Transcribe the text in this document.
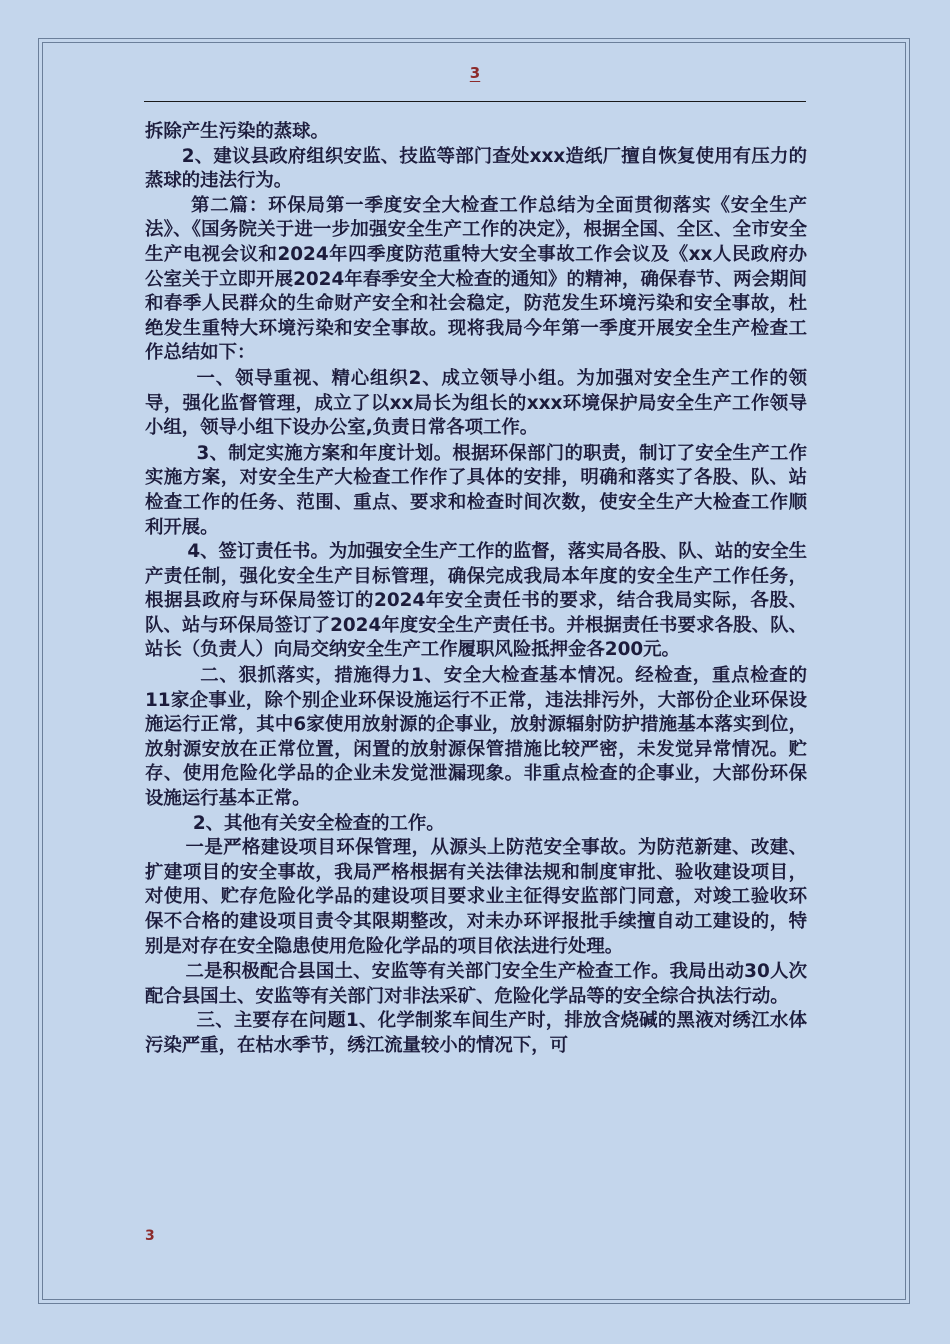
3

拆除产生污染的蒸球。

2、建议县政府组织安监、技监等部门查处xxx造纸厂擅自恢复使用有压力的蒸球的违法行为。

第二篇：环保局第一季度安全大检查工作总结为全面贯彻落实《安全生产法》、《国务院关于进一步加强安全生产工作的决定》，根据全国、全区、全市安全生产电视会议和2024年四季度防范重特大安全事故工作会议及《xx人民政府办公室关于立即开展2024年春季安全大检查的通知》的精神，确保春节、两会期间和春季人民群众的生命财产安全和社会稳定，防范发生环境污染和安全事故，杜绝发生重特大环境污染和安全事故。现将我局今年第一季度开展安全生产检查工作总结如下：

一、领导重视、精心组织2、成立领导小组。为加强对安全生产工作的领导，强化监督管理，成立了以xx局长为组长的xxx环境保护局安全生产工作领导小组，领导小组下设办公室,负责日常各项工作。

3、制定实施方案和年度计划。根据环保部门的职责，制订了安全生产工作实施方案，对安全生产大检查工作作了具体的安排，明确和落实了各股、队、站检查工作的任务、范围、重点、要求和检查时间次数，使安全生产大检查工作顺利开展。

4、签订责任书。为加强安全生产工作的监督，落实局各股、队、站的安全生产责任制，强化安全生产目标管理，确保完成我局本年度的安全生产工作任务，根据县政府与环保局签订的2024年安全责任书的要求，结合我局实际，各股、队、站与环保局签订了2024年度安全生产责任书。并根据责任书要求各股、队、站长（负责人）向局交纳安全生产工作履职风险抵押金各200元。

二、狠抓落实，措施得力1、安全大检查基本情况。经检查，重点检查的11家企事业，除个别企业环保设施运行不正常，违法排污外，大部份企业环保设施运行正常，其中6家使用放射源的企事业，放射源辐射防护措施基本落实到位，放射源安放在正常位置，闲置的放射源保管措施比较严密，未发觉异常情况。贮存、使用危险化学品的企业未发觉泄漏现象。非重点检查的企事业，大部份环保设施运行基本正常。

2、其他有关安全检查的工作。

一是严格建设项目环保管理，从源头上防范安全事故。为防范新建、改建、扩建项目的安全事故，我局严格根据有关法律法规和制度审批、验收建设项目，对使用、贮存危险化学品的建设项目要求业主征得安监部门同意，对竣工验收环保不合格的建设项目责令其限期整改，对未办环评报批手续擅自动工建设的，特别是对存在安全隐患使用危险化学品的项目依法进行处理。

二是积极配合县国土、安监等有关部门安全生产检查工作。我局出动30人次配合县国土、安监等有关部门对非法采矿、危险化学品等的安全综合执法行动。

三、主要存在问题1、化学制浆车间生产时，排放含烧碱的黑液对绣江水体污染严重，在枯水季节，绣江流量较小的情况下，可

3
